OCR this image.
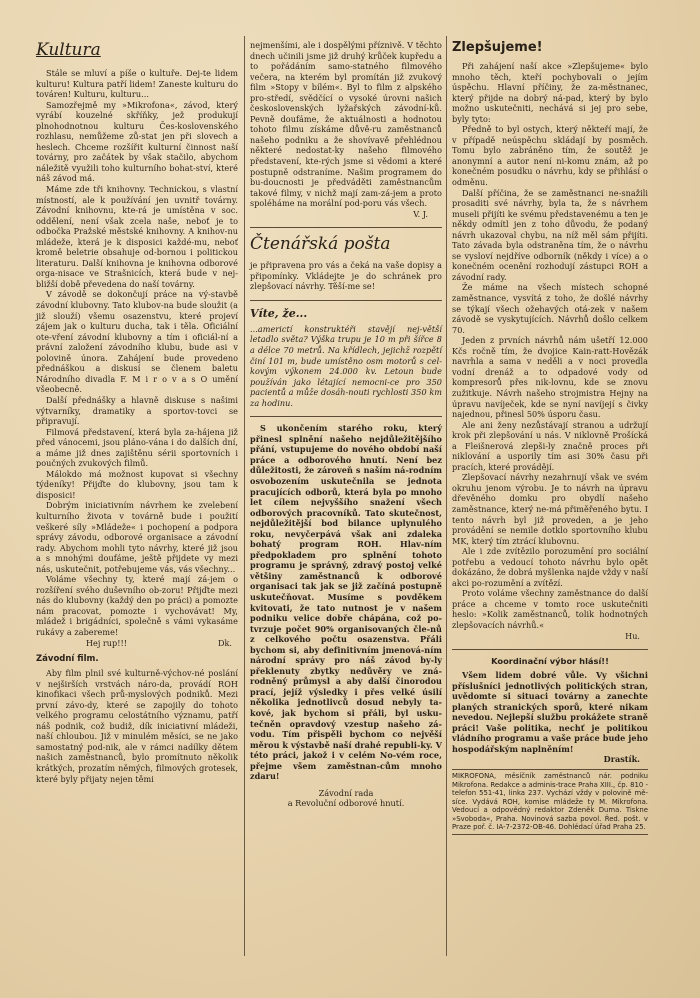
Kultura

Stále se mluví a píše o kultuře. Dej-te lidem kulturu! Kultura patří lidem! Zaneste kulturu do továren! Kulturu, kulturu...

Samozřejmě my »Mikrofona«, závod, který vyrábí kouzelné skříňky, jež produkují plnohodnotnou kulturu Čes-koslovenského rozhlasu, nemůžeme zů-stat jen při slovech a heslech. Chceme rozšířit kulturní činnost naší továrny, pro začátek by však stačilo, abychom náležitě využili toho kulturního bohat-ství, které náš závod má.

Máme zde tři knihovny. Technickou, s vlastní místností, ale k používání jen uvnitř továrny. Závodní knihovnu, kte-rá je umístěna v soc. oddělení, není však zcela naše, neboť je to odbočka Pražské městské knihovny. A knihov-nu mládeže, která je k disposici každé-mu, neboť kromě beletrie obsahuje od-bornou i politickou literaturu. Další knihovna je knihovna odborové orga-nisace ve Strašnicích, která bude v nej-bližší době převedena do naší továrny.

V závodě se dokončují práce na vý-stavbě závodní klubovny. Tato klubov-na bude sloužit (a již slouží) všemu osazenstvu, které projeví zájem jak o kulturu ducha, tak i těla. Oficiální ote-vření závodní klubovny a tím i oficiál-ní a právní založení závodního klubu, bude asi v polovině února. Zahájení bude provedeno přednáškou a diskusí se členem baletu Národního divadla F. M i r o v a s O umění všeobecně.

Další přednášky a hlavně diskuse s našimi výtvarníky, dramatiky a sportov-tovci se připravují.

Filmová představení, která byla za-hájena již před vánocemi, jsou pláno-vána i do dalších dní, a máme již dnes zajištěnu sérii sportovních i poučných zvukových filmů.

Málokdo má možnost kupovat si všechny týdeníky! Přijďte do klubovny, jsou tam k disposici!

Dobrým iniciativním návrhem ke zvelebení kulturního života v továrně bude i použití veškeré síly »Mládeže« i pochopení a podpora správy závodu, odborové organisace a závodní rady. Abychom mohli tyto návrhy, které již jsou a s mnohými doufáme, ještě přijdete vy mezi nás, uskutečnit, potřebujeme vás, vás všechny...

Voláme všechny ty, které mají zá-jem o rozšíření svého duševního ob-zoru! Přijďte mezi nás do klubovny (každý den po práci) a pomozte nám pracovat, pomozte i vychovávat! My, mládež i brigádníci, společně s vámi vykasáme rukávy a zabereme!

Hej rup!!!	Dk.
Závodní film.

Aby film plnil své kulturně-výchov-né poslání v nejširších vrstvách náro-da, provádí ROH kinofikaci všech prů-myslových podniků. Mezi první závo-dy, které se zapojily do tohoto velkého programu celostátního významu, patří náš podnik, což budiž, dík iniciativní mládeži, naší chloubou. Již v minulém měsíci, se ne jako samostatný pod-nik, ale v rámci nadílky dětem našich zaměstnanců, bylo promítnuto několik krátkých, prozatím němých, filmových grotesek, které byly přijaty nejen těmi

nejmenšími, ale i dospělými příznivě. V těchto dnech učinili jsme již druhý krůček kupředu a to pořádáním samo-statného filmového večera, na kterém byl promítán již zvukový film »Stopy v bílém«. Byl to film z alpského pro-středí, svědčící o vysoké úrovni našich československých lyžařských závodní-ků. Pevně doufáme, že aktuálnosti a hodnotou tohoto filmu získáme důvě-ru zaměstnanců našeho podniku a že shovívavě přehlédnou některé nedostat-ky našeho filmového představení, kte-rých jsme si vědomi a které postupně odstraníme. Našim programem do bu-doucnosti je předváděti zaměstnancům takové filmy, v nichž mají zam-zá-jem a proto spoléháme na morální pod-poru vás všech.

V. J.
Čtenářská pošta

je připravena pro vás a čeká na vaše dopisy a připomínky. Vkládejte je do schránek pro zlepšovací návrhy. Těší-me se!

Víte, že...

...americtí konstruktéři stavějí nej-větší letadlo světa? Výška trupu je 10 m při šířce 8 a délce 70 metrů. Na křídlech, jejichž rozpětí činí 101 m, bude umístěno osm motorů s cel-kovým výkonem 24.000 kv. Letoun bude používán jako létající nemocni-ce pro 350 pacientů a může dosáh-nouti rychlosti 350 km za hodinu.

S ukončením starého roku, který přinesl splnění našeho nejdůležitějšího přání, vstupujeme do nového období naší práce a odborového hnutí. Není bez důležitosti, že zároveň s naším ná-rodním osvobozením uskutečnila se jednota pracujících odborů, která byla po mnoho let cílem nejvyššího snažení všech odborových pracovníků. Tato skutečnost, nejdůležitější bod bilance uplynulého roku, nevyčerpává však ani zdaleka bohatý program ROH. Hlav-ním předpokladem pro splnění tohoto programu je správný, zdravý postoj velké většiny zaměstnanců k odborové organisaci tak jak se již začíná postupně uskutečňovat. Musíme s povděkem kvitovati, že tato nutnost je v našem podniku velice dobře chápána, což po-tvrzuje počet 90% organisovaných čle-nů z celkového počtu osazenstva. Přáli bychom si, aby definitivním jmenová-ním národní správy pro náš závod by-ly překlenuty zbytky nedůvěry ve zná-rodněný průmysl a aby další činorodou prací, jejíž výsledky i přes velké úsilí několika jednotlivců dosud nebyly ta-kové, jak bychom si přáli, byl usku-tečněn opravdový vzestup našeho zá-vodu. Tím přispěli bychom co nejvěší měrou k výstavbě naší drahé republi-ky. V této práci, jakož i v celém No-vém roce, přejme všem zaměstnan-cům mnoho zdaru!

Závodní rada
a Revoluční odborové hnutí.
Zlepšujeme!

Při zahájení naší akce »Zlepšujeme« bylo mnoho těch, kteří pochybovali o jejím úspěchu. Hlavní příčiny, že za-městnanec, který přijde na dobrý ná-pad, který by bylo možno uskutečniti, nechává si jej pro sebe, byly tyto:

Předně to byl ostych, který někteří mají, že v případě neúspěchu skládají by posměch. Tomu bylo zabráněno tím, že soutěž je anonymní a autor není ni-komu znám, až po konečném posudku o návrhu, kdy se přihlásí o odměnu.

Další příčina, že se zaměstnanci ne-snažili prosaditi své návrhy, byla ta, že s návrhem museli přijíti ke svému představenému a ten je někdy odmítl jen z toho důvodu, že podaný návrh ukazoval chybu, na níž měl sám přijíti. Tato závada byla odstraněna tím, že o návrhu se vysloví nejdříve odborník (někdy i více) a o konečném ocenění rozhodují zástupci ROH a závodní rady.

Že máme na všech místech schopné zaměstnance, vysvítá z toho, že došlé návrhy se týkají všech ožehavých otá-zek v našem závodě se vyskytujících. Návrhů došlo celkem 70.

Jeden z prvních návrhů nám ušetří 12.000 Kčs ročně tím, že dvojice Kain-ratt-Hovězák navrhla a sama v neděli a v noci provedla vodní drenáž a to odpadové vody od kompresorů přes nik-lovnu, kde se znovu zužitkuje. Návrh našeho strojmistra Hejny na úpravu navíječek, kde se nyní navíjejí s čivky najednou, přinesl 50% úsporu času.

Ale ani ženy nezůstávají stranou a udržují krok při zlepšování u nás. V niklovně Prošícká a Fleišnerová zlepši-ly značně proces při niklování a usporily tím asi 30% času při pracích, které provádějí.

Zlepšovací návrhy nezahrnují však ve svém okruhu jenom výrobu. Je to návrh na úpravu dřevěného domku pro obydlí našeho zaměstnance, který ne-má přiměřeného bytu. I tento návrh byl již proveden, a je jeho provádění se nemile dotklo sportovního klubu MK, který tím ztrácí klubovnu.

Ale i zde zvítězilo porozumění pro sociální potřebu a vedoucí tohoto návrhu bylo opět dokázáno, že dobrá myšlenka najde vždy v naší akci po-rozumění a zvítězí.

Proto voláme všechny zaměstnance do další práce a chceme v tomto roce uskutečniti heslo: »Kolik zaměstnanců, tolik hodnotných zlepšovacích návrhů.«

Hu.
Koordinační výbor hlásí!!

Všem lidem dobré vůle. Vy všichni příslušníci jednotlivých politických stran, uvědomte si situaci továrny a zanechte planých stranických sporů, které nikam nevedou. Nejlepší službu prokážete straně práci! Vaše politika, nechť je politikou vládního programu a vaše práce bude jeho hospodářským naplněním!

Drastík.
MIKROFONA, měsíčník zaměstnanců nár. podniku Mikrofona. Redakce a adminis-trace Praha XIII., čp. 810 - telefon 551-41, linka 237. Vychází vždy v polovině mě-síce. Vydává ROH, komise mládeže ty M. Mikrofona. Vedoucí a odpovědný redaktor Zdeněk Duma. Tiskne »Svoboda«, Praha. Novinová sazba povol. Řed. pošt. v Praze poř. č. IA-7-2372-OB-46. Dohlédací úřad Praha 25.
